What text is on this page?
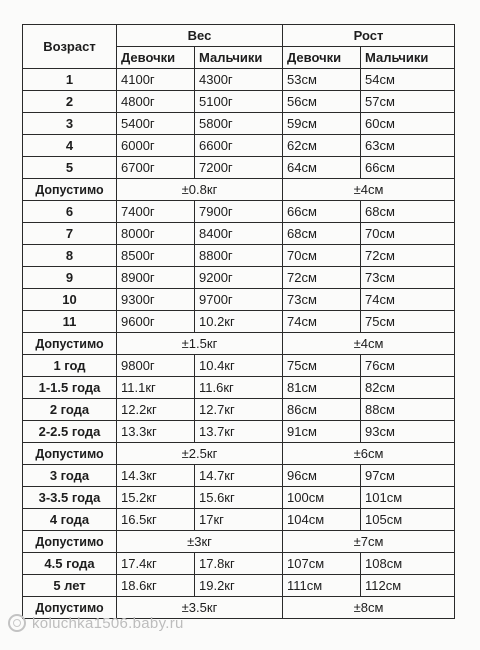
Возраст	Вес		Рост	
	Девочки	Мальчики	Девочки	Мальчики
1	4100г	4300г	53см	54см
2	4800г	5100г	56см	57см
3	5400г	5800г	59см	60см
4	6000г	6600г	62см	63см
5	6700г	7200г	64см	66см
Допустимо	±0.8кг		±4см	
6	7400г	7900г	66см	68см
7	8000г	8400г	68см	70см
8	8500г	8800г	70см	72см
9	8900г	9200г	72см	73см
10	9300г	9700г	73см	74см
11	9600г	10.2кг	74см	75см
Допустимо	±1.5кг		±4см	
1 год	9800г	10.4кг	75см	76см
1-1.5 года	11.1кг	11.6кг	81см	82см
2 года	12.2кг	12.7кг	86см	88см
2-2.5 года	13.3кг	13.7кг	91см	93см
Допустимо	±2.5кг		±6см	
3 года	14.3кг	14.7кг	96см	97см
3-3.5 года	15.2кг	15.6кг	100см	101см
4 года	16.5кг	17кг	104см	105см
Допустимо	±3кг		±7см	
4.5 года	17.4кг	17.8кг	107см	108см
5 лет	18.6кг	19.2кг	111см	112см
Допустимо	±3.5кг		±8см	
koluchka1506.baby.ru
